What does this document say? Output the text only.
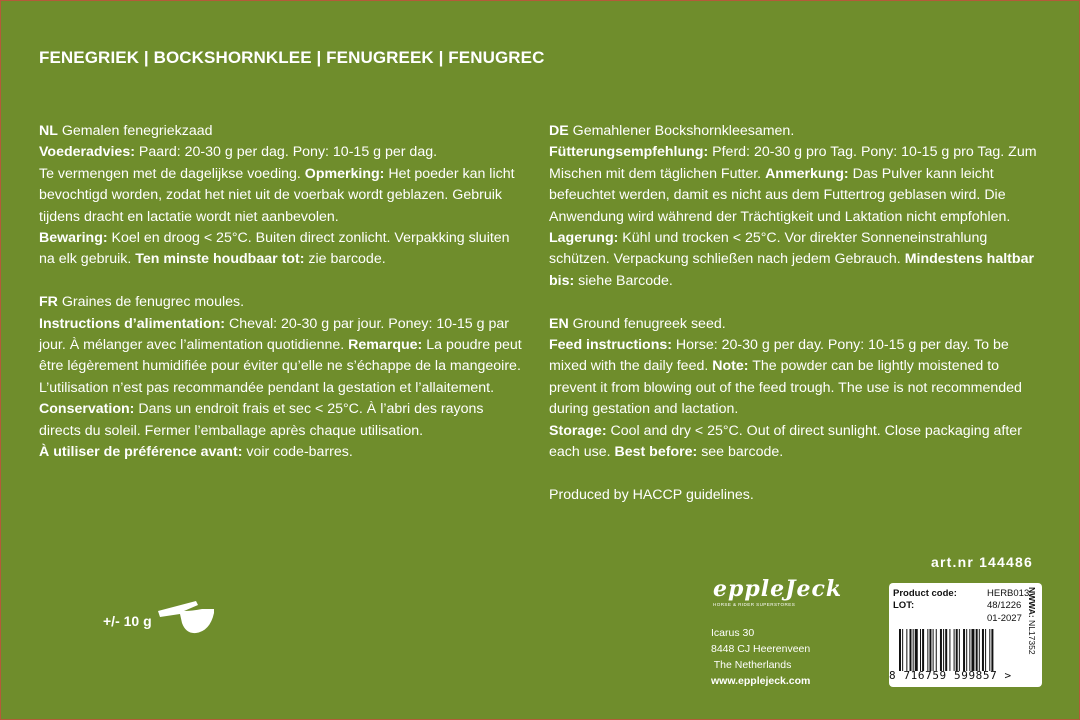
FENEGRIEK | BOCKSHORNKLEE | FENUGREEK | FENUGREC

NL Gemalen fenegriekzaad

Voederadvies: Paard: 20-30 g per dag. Pony: 10-15 g per dag.

Te vermengen met de dagelijkse voeding. Opmerking: Het poeder kan licht bevochtigd worden, zodat het niet uit de voerbak wordt geblazen. Gebruik tijdens dracht en lactatie wordt niet aanbevolen.

Bewaring: Koel en droog < 25°C. Buiten direct zonlicht. Verpakking sluiten na elk gebruik. Ten minste houdbaar tot: zie barcode.

FR Graines de fenugrec moules.

Instructions d’alimentation: Cheval: 20-30 g par jour. Poney: 10-15 g par jour. À mélanger avec l’alimentation quotidienne. Remarque: La poudre peut être légèrement humidifiée pour éviter qu’elle ne s’échappe de la mangeoire. L’utilisation n’est pas recommandée pendant la gestation et l’allaitement. Conservation: Dans un endroit frais et sec < 25°C. À l’abri des rayons directs du soleil. Fermer l’emballage après chaque utilisation.

À utiliser de préférence avant: voir code-barres.

DE Gemahlener Bockshornkleesamen.

Fütterungsempfehlung: Pferd: 20-30 g pro Tag. Pony: 10-15 g pro Tag. Zum Mischen mit dem täglichen Futter. Anmerkung: Das Pulver kann leicht befeuchtet werden, damit es nicht aus dem Futtertrog geblasen wird. Die Anwendung wird während der Trächtigkeit und Laktation nicht empfohlen.

Lagerung: Kühl und trocken < 25°C. Vor direkter Sonneneinstrahlung schützen. Verpackung schließen nach jedem Gebrauch. Mindestens haltbar bis: siehe Barcode.

EN Ground fenugreek seed.

Feed instructions: Horse: 20-30 g per day. Pony: 10-15 g per day. To be mixed with the daily feed. Note: The powder can be lightly moistened to prevent it from blowing out of the feed trough. The use is not recommended during gestation and lactation.

Storage: Cool and dry < 25°C. Out of direct sunlight. Close packaging after each use. Best before: see barcode.

Produced by HACCP guidelines.

art.nr 144486
+/- 10 g
eppleJeck
HORSE & RIDER SUPERSTORES
Icarus 30
8448 CJ Heerenveen
The Netherlands
www.epplejeck.com
Product code:	HERB013
LOT:	48/1226
01-2027
NWWA: NL17352
8 716759 599857 >
